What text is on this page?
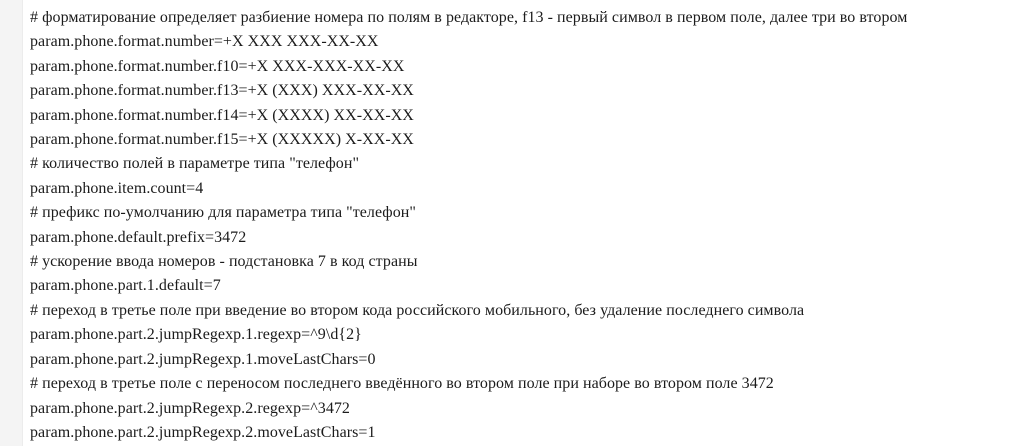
# форматирование определяет разбиение номера по полям в редакторе, f13 - первый символ в первом поле, далее три во втором
param.phone.format.number=+X XXX XXX-XX-XX
param.phone.format.number.f10=+X XXX-XXX-XX-XX
param.phone.format.number.f13=+X (XXX) XXX-XX-XX
param.phone.format.number.f14=+X (XXXX) XX-XX-XX
param.phone.format.number.f15=+X (XXXXX) X-XX-XX
# количество полей в параметре типа "телефон"
param.phone.item.count=4
# префикс по-умолчанию для параметра типа "телефон"
param.phone.default.prefix=3472
# ускорение ввода номеров - подстановка 7 в код страны
param.phone.part.1.default=7
# переход в третье поле при введение во втором кода российского мобильного, без удаление последнего символа
param.phone.part.2.jumpRegexp.1.regexp=^9\d{2}
param.phone.part.2.jumpRegexp.1.moveLastChars=0
# переход в третье поле с переносом последнего введённого во втором поле при наборе во втором поле 3472
param.phone.part.2.jumpRegexp.2.regexp=^3472
param.phone.part.2.jumpRegexp.2.moveLastChars=1
